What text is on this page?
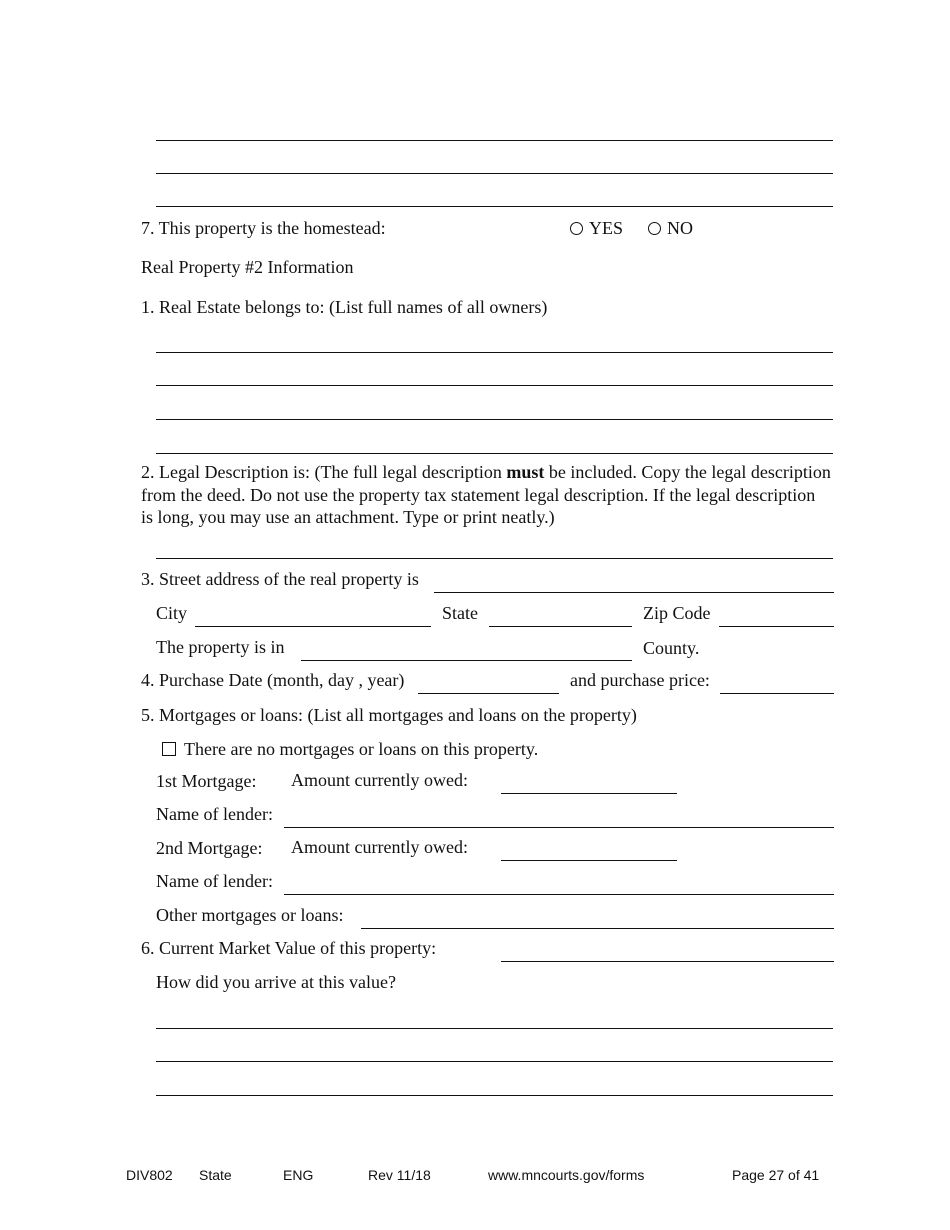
7. This property is the homestead:	YES	NO
Real Property #2 Information
1. Real Estate belongs to: (List full names of all owners)
2. Legal Description is: (The full legal description must be included. Copy the legal description from the deed. Do not use the property tax statement legal description. If the legal description is long, you may use an attachment. Type or print neatly.)
3. Street address of the real property is
City	State	Zip Code
The property is in	County.
4. Purchase Date (month, day , year)	and purchase price:
5. Mortgages or loans: (List all mortgages and loans on the property)
There are no mortgages or loans on this property.
1st Mortgage: Amount currently owed:
Name of lender:
2nd Mortgage: Amount currently owed:
Name of lender:
Other mortgages or loans:
6. Current Market Value of this property:
How did you arrive at this value?
DIV802 State	ENG	Rev 11/18	www.mncourts.gov/forms	Page 27 of 41
